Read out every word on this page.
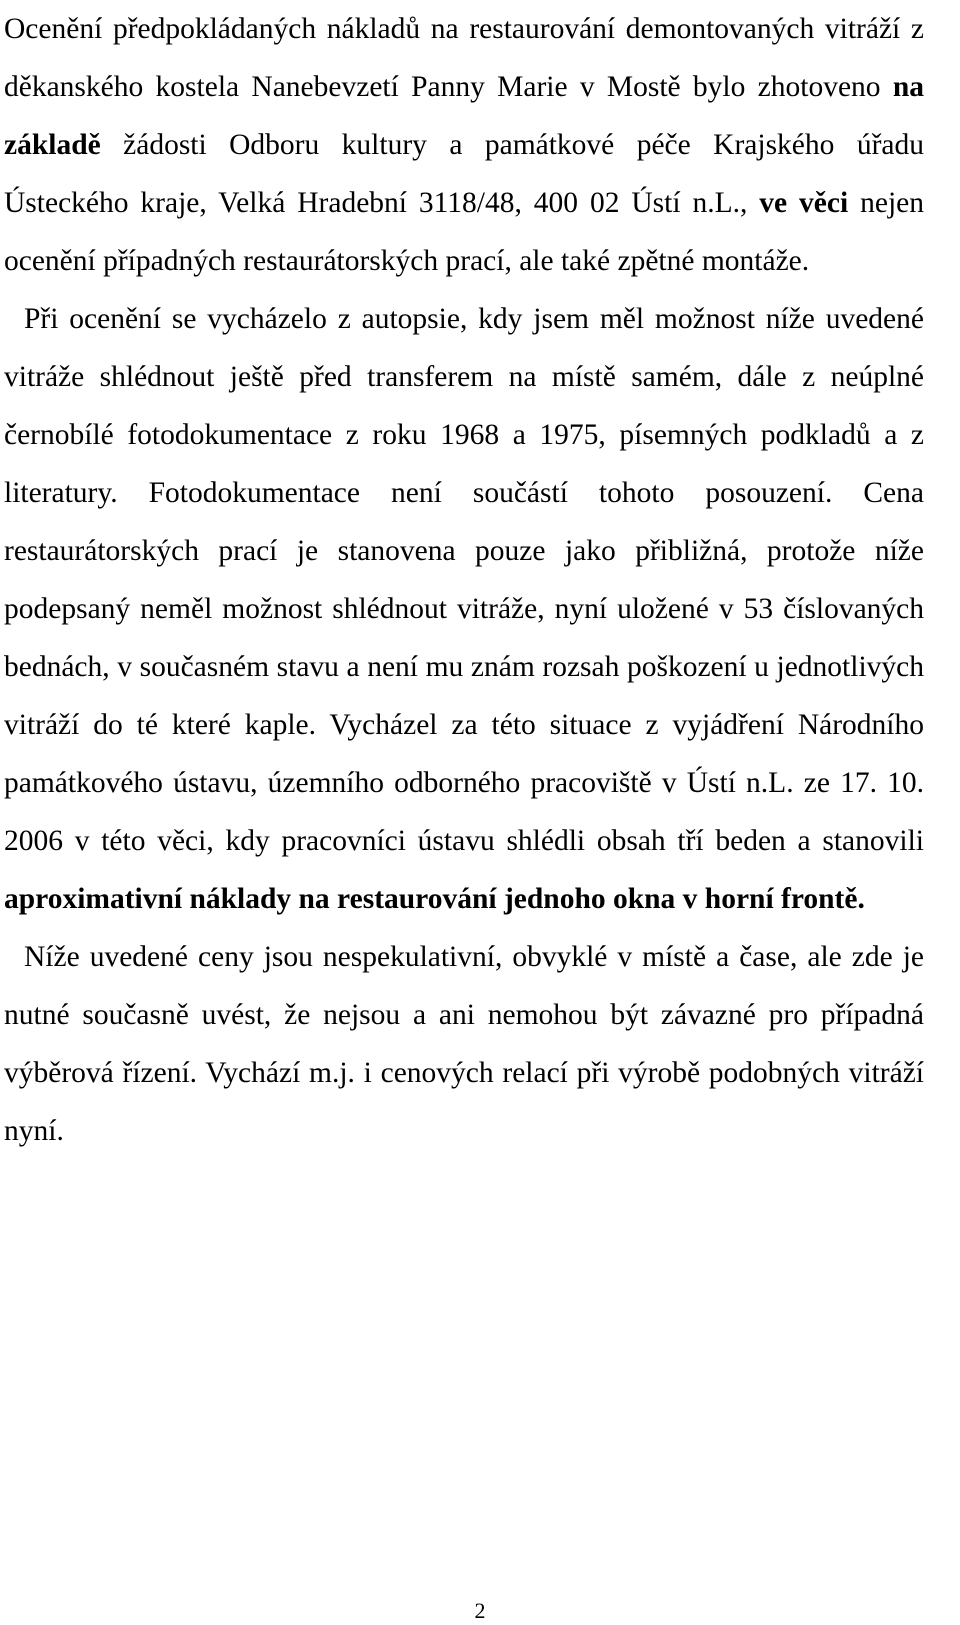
Ocenění předpokládaných nákladů na restaurování demontovaných vitráží z děkanského kostela Nanebevzetí Panny Marie v Mostě bylo zhotoveno na základě žádosti Odboru kultury a památkové péče Krajského úřadu Ústeckého kraje, Velká Hradební 3118/48, 400 02 Ústí n.L., ve věci nejen ocenění případných restaurátorských prací, ale také zpětné montáže.

Při ocenění se vycházelo z autopsie, kdy jsem měl možnost níže uvedené vitráže shlédnout ještě před transferem na místě samém, dále z neúplné černobílé fotodokumentace z roku 1968 a 1975, písemných podkladů a z literatury. Fotodokumentace není součástí tohoto posouzení. Cena restaurátorských prací je stanovena pouze jako přibližná, protože níže podepsaný neměl možnost shlédnout vitráže, nyní uložené v 53 číslovaných bednách, v současném stavu a není mu znám rozsah poškození u jednotlivých vitráží do té které kaple. Vycházel za této situace z vyjádření Národního památkového ústavu, územního odborného pracoviště v Ústí n.L. ze 17. 10. 2006 v této věci, kdy pracovníci ústavu shlédli obsah tří beden a stanovili aproximativní náklady na restaurování jednoho okna v horní frontě.

Níže uvedené ceny jsou nespekulativní, obvyklé v místě a čase, ale zde je nutné současně uvést, že nejsou a ani nemohou být závazné pro případná výběrová řízení. Vychází m.j. i cenových relací při výrobě podobných vitráží nyní.

2
